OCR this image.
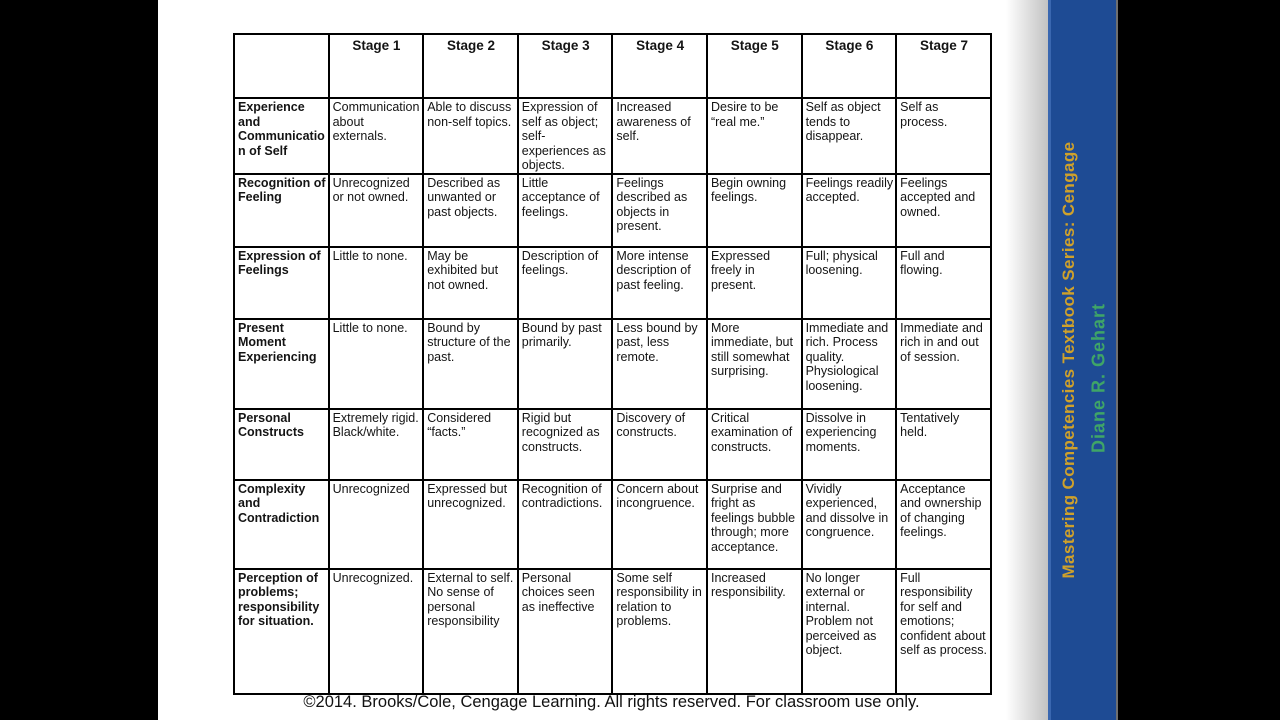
	Stage 1	Stage 2	Stage 3	Stage 4	Stage 5	Stage 6	Stage 7
Experience and Communication of Self	Communication about externals.	Able to discuss non-self topics.	Expression of self as object; self-experiences as objects.	Increased awareness of self.	Desire to be “real me.”	Self as object tends to disappear.	Self as process.
Recognition of Feeling	Unrecognized or not owned.	Described as unwanted or past objects.	Little acceptance of feelings.	Feelings described as objects in present.	Begin owning feelings.	Feelings readily accepted.	Feelings accepted and owned.
Expression of Feelings	Little to none.	May be exhibited but not owned.	Description of feelings.	More intense description of past feeling.	Expressed freely in present.	Full; physical loosening.	Full and flowing.
Present Moment Experiencing	Little to none.	Bound by structure of the past.	Bound by past primarily.	Less bound by past, less remote.	More immediate, but still somewhat surprising.	Immediate and rich. Process quality. Physiological loosening.	Immediate and rich in and out of session.
Personal Constructs	Extremely rigid. Black/white.	Considered “facts.”	Rigid but recognized as constructs.	Discovery of constructs.	Critical examination of constructs.	Dissolve in experiencing moments.	Tentatively held.
Complexity and Contradiction	Unrecognized	Expressed but unrecognized.	Recognition of contradictions.	Concern about incongruence.	Surprise and fright as feelings bubble through; more acceptance.	Vividly experienced, and dissolve in congruence.	Acceptance and ownership of changing feelings.
Perception of problems; responsibility for situation.	Unrecognized.	External to self. No sense of personal responsibility	Personal choices seen as ineffective	Some self responsibility in relation to problems.	Increased responsibility.	No longer external or internal. Problem not perceived as object.	Full responsibility for self and emotions; confident about self as process.
©2014. Brooks/Cole, Cengage Learning. All rights reserved. For classroom use only.
Mastering Competencies Textbook Series: Cengage Diane R. Gehart
